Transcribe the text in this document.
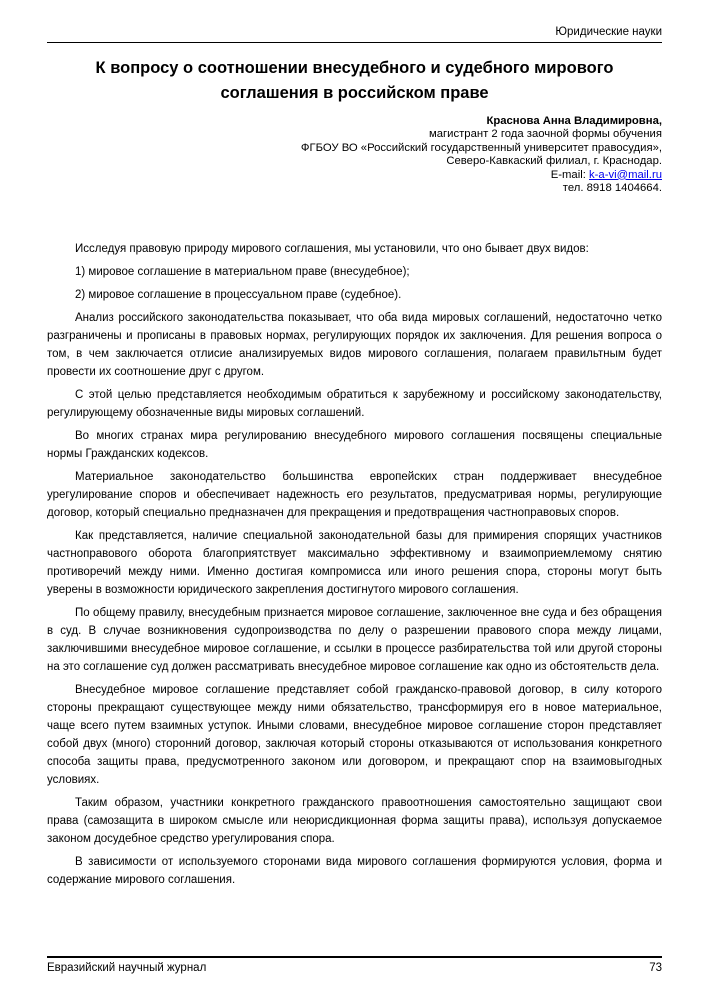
Юридические науки
К вопросу о соотношении внесудебного и судебного мирового
соглашения в российском праве
Краснова Анна Владимировна,
магистрант 2 года заочной формы обучения
ФГБОУ ВО «Российский государственный университет правосудия»,
Северо-Кавкаский филиал, г. Краснодар.
E-mail: k-a-vi@mail.ru
тел. 8918 1404664.

Исследуя правовую природу мирового соглашения, мы установили, что оно бывает двух видов:

1) мировое соглашение в материальном праве (внесудебное);

2) мировое соглашение в процессуальном праве (судебное).

Анализ российского законодательства показывает, что оба вида мировых соглашений, недостаточно четко разграничены и прописаны в правовых нормах, регулирующих порядок их заключения. Для решения вопроса о том, в чем заключается отлисие анализируемых видов мирового соглашения, полагаем правильтным будет провести их соотношение друг с другом.

С этой целью представляется необходимым обратиться к зарубежному и российскому законодательству, регулирующему обозначенные виды мировых соглашений.

Во многих странах мира регулированию внесудебного мирового соглашения посвящены специальные нормы Гражданских кодексов.

Материальное законодательство большинства европейских стран поддерживает внесудебное урегулирование споров и обеспечивает надежность его результатов, предусматривая нормы, регулирующие договор, который специально предназначен для прекращения и предотвращения частноправовых споров.

Как представляется, наличие специальной законодательной базы для примирения спорящих участников частноправового оборота благоприятствует максимально эффективному и взаимоприемлемому снятию противоречий между ними. Именно достигая компромисса или иного решения спора, стороны могут быть уверены в возможности юридического закрепления достигнутого мирового соглашения.

По общему правилу, внесудебным признается мировое соглашение, заключенное вне суда и без обращения в суд. В случае возникновения судопроизводства по делу о разрешении правового спора между лицами, заключившими внесудебное мировое соглашение, и ссылки в процессе разбирательства той или другой стороны на это соглашение суд должен рассматривать внесудебное мировое соглашение как одно из обстоятельств дела.

Внесудебное мировое соглашение представляет собой гражданско-правовой договор, в силу которого стороны прекращают существующее между ними обязательство, трансформируя его в новое материальное, чаще всего путем взаимных уступок. Иными словами, внесудебное мировое соглашение сторон представляет собой двух (много) сторонний договор, заключая который стороны отказываются от использования конкретного способа защиты права, предусмотренного законом или договором, и прекращают спор на взаимовыгодных условиях.

Таким образом, участники конкретного гражданского правоотношения самостоятельно защищают свои права (самозащита в широком смысле или неюрисдикционная форма защиты права), используя допускаемое законом досудебное средство урегулирования спора.

В зависимости от используемого сторонами вида мирового соглашения формируются условия, форма и содержание мирового соглашения.

Евразийский научный журнал	73
